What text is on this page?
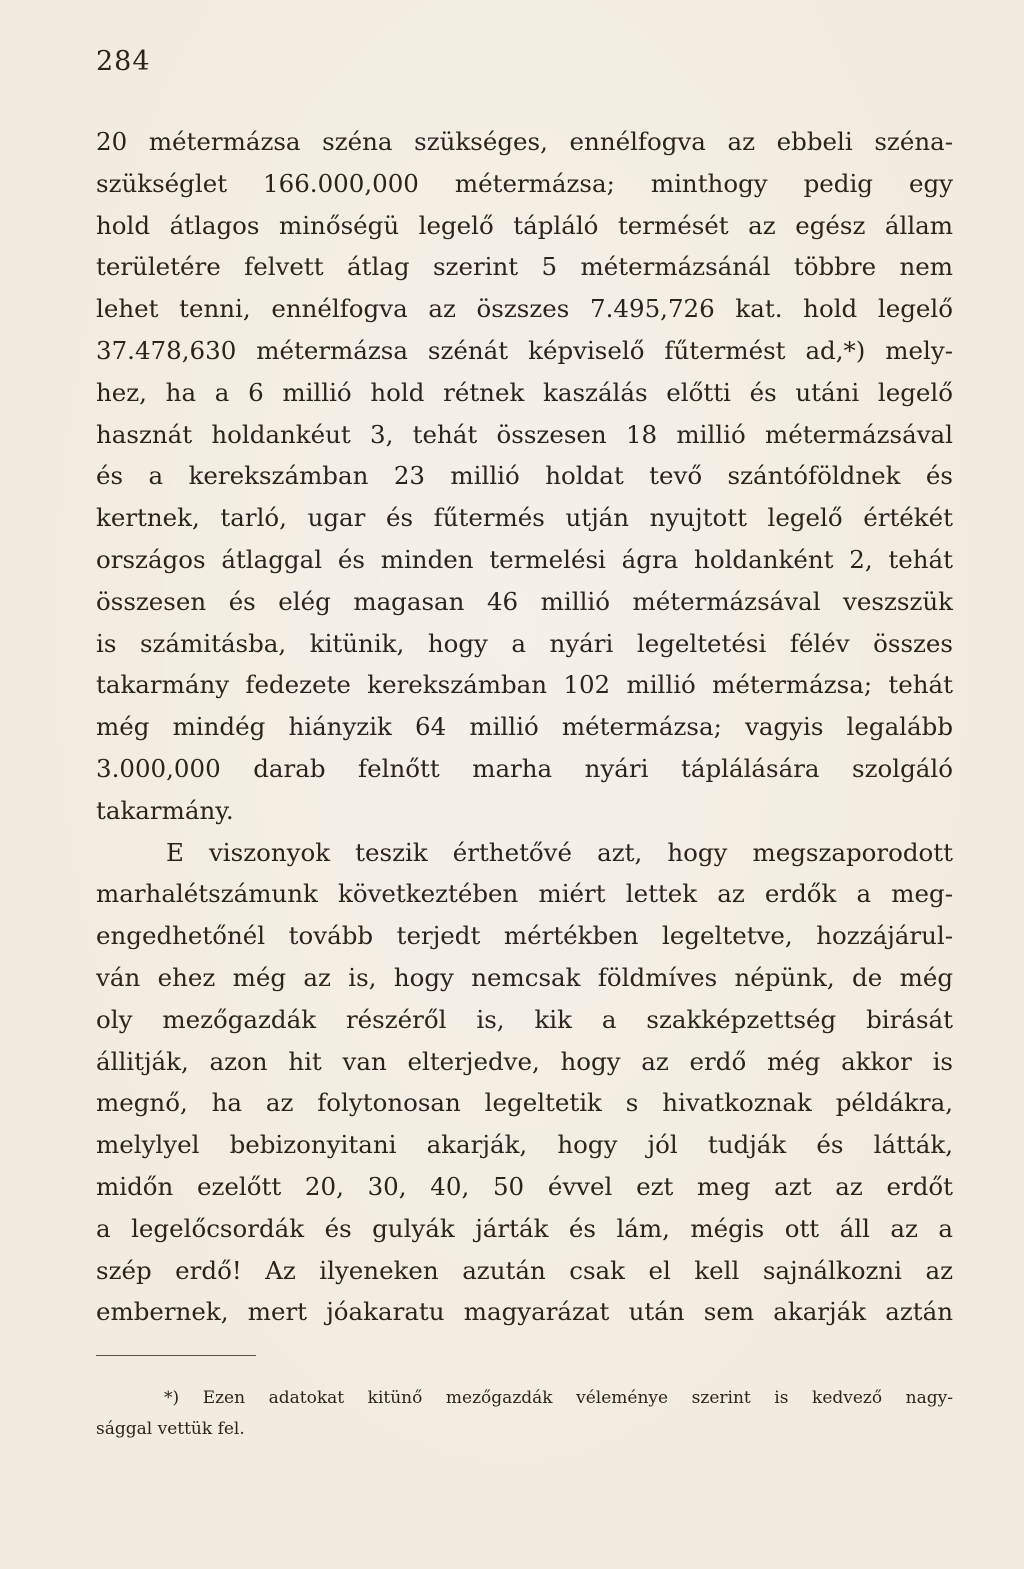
284

20 métermázsa széna szükséges, ennélfogva az ebbeli széna-
szükséglet 166.000,000 métermázsa; minthogy pedig egy
hold átlagos minőségü legelő tápláló termését az egész állam
területére felvett átlag szerint 5 métermázsánál többre nem
lehet tenni, ennélfogva az öszszes 7.495,726 kat. hold legelő
37.478,630 métermázsa szénát képviselő fűtermést ad,*) mely-
hez, ha a 6 millió hold rétnek kaszálás előtti és utáni legelő
hasznát holdankéut 3, tehát összesen 18 millió métermázsával
és a kerekszámban 23 millió holdat tevő szántóföldnek és
kertnek, tarló, ugar és fűtermés utján nyujtott legelő értékét
országos átlaggal és minden termelési ágra holdanként 2, tehát
összesen és elég magasan 46 millió métermázsával veszszük
is számitásba, kitünik, hogy a nyári legeltetési félév összes
takarmány fedezete kerekszámban 102 millió métermázsa; tehát
még mindég hiányzik 64 millió métermázsa; vagyis legalább
3.000,000 darab felnőtt marha nyári táplálására szolgáló
takarmány.

E viszonyok teszik érthetővé azt, hogy megszaporodott
marhalétszámunk következtében miért lettek az erdők a meg-
engedhetőnél tovább terjedt mértékben legeltetve, hozzájárul-
ván ehez még az is, hogy nemcsak földmíves népünk, de még
oly mezőgazdák részéről is, kik a szakképzettség birását
állitják, azon hit van elterjedve, hogy az erdő még akkor is
megnő, ha az folytonosan legeltetik s hivatkoznak példákra,
melylyel bebizonyitani akarják, hogy jól tudják és látták,
midőn ezelőtt 20, 30, 40, 50 évvel ezt meg azt az erdőt
a legelőcsordák és gulyák járták és lám, mégis ott áll az a
szép erdő! Az ilyeneken azután csak el kell sajnálkozni az
embernek, mert jóakaratu magyarázat után sem akarják aztán

*) Ezen adatokat kitünő mezőgazdák véleménye szerint is kedvező nagy-
sággal vettük fel.
